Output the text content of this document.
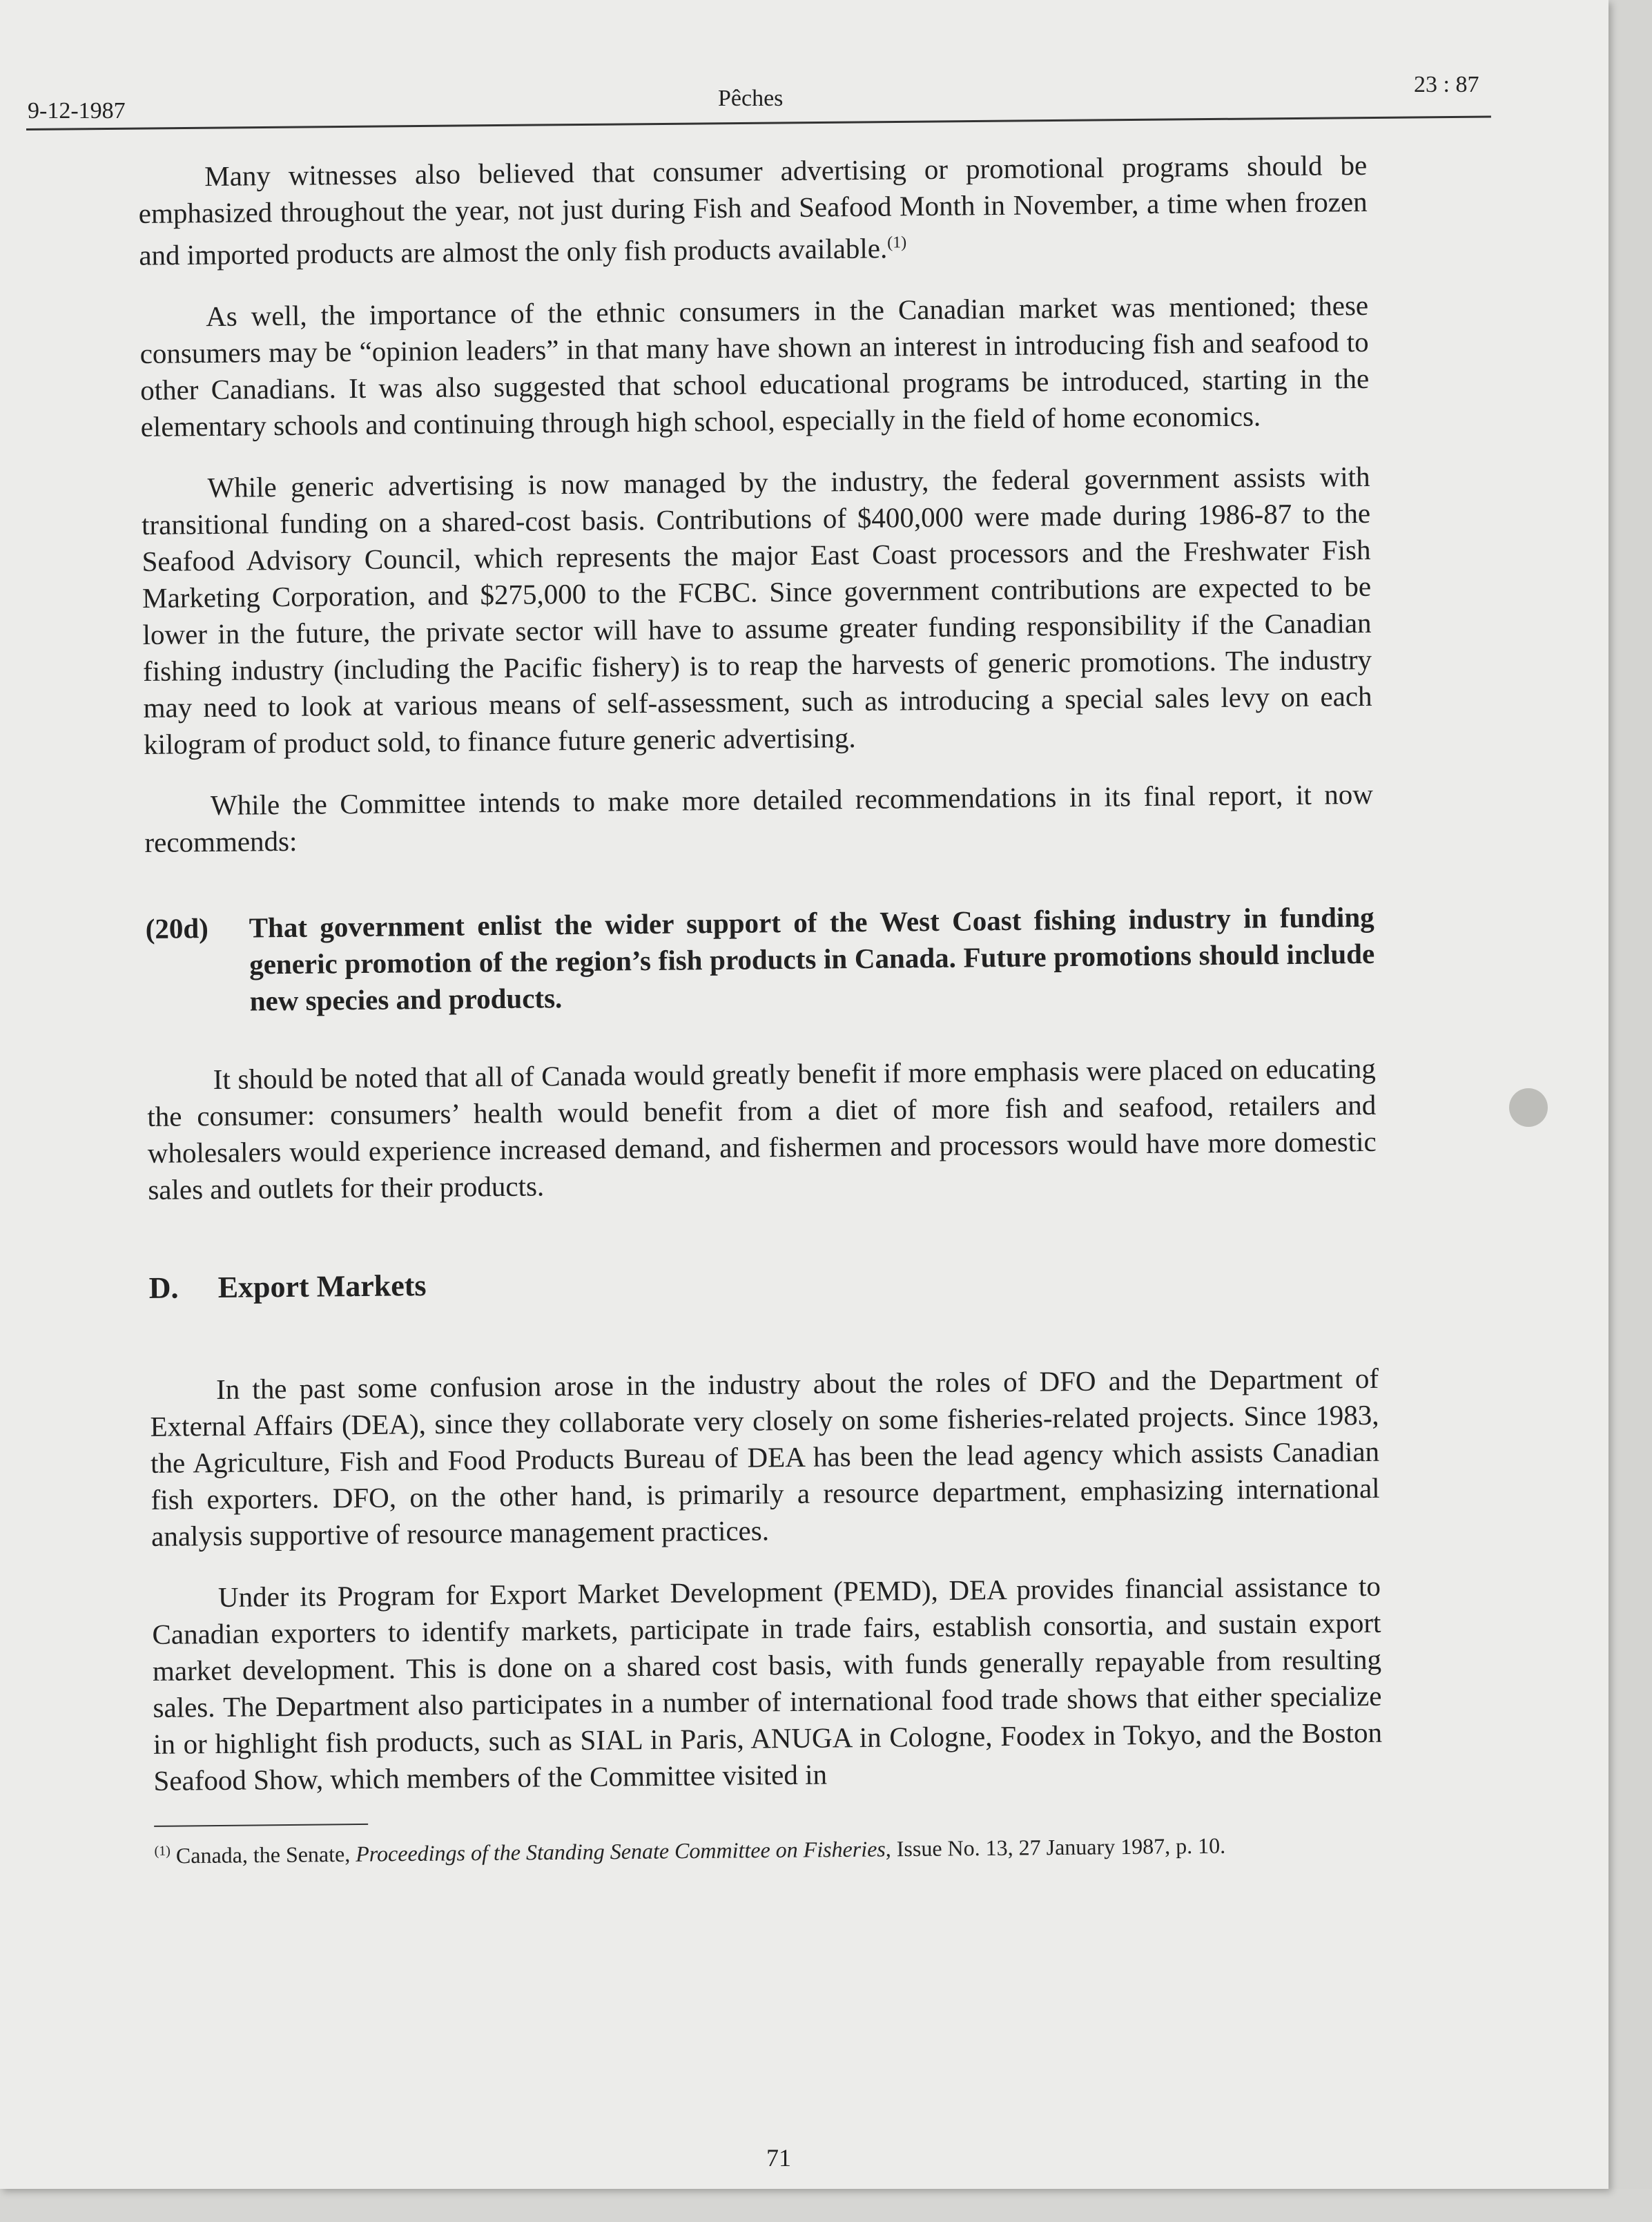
9-12-1987	Pêches
23 : 87

Many witnesses also believed that consumer advertising or promotional programs should be emphasized throughout the year, not just during Fish and Seafood Month in November, a time when frozen and imported products are almost the only fish products available.$^{(1)}$

As well, the importance of the ethnic consumers in the Canadian market was mentioned; these consumers may be “opinion leaders” in that many have shown an interest in introducing fish and seafood to other Canadians. It was also suggested that school educational programs be introduced, starting in the elementary schools and continuing through high school, especially in the field of home economics.

While generic advertising is now managed by the industry, the federal government assists with transitional funding on a shared-cost basis. Contributions of $400,000 were made during 1986-87 to the Seafood Advisory Council, which represents the major East Coast processors and the Freshwater Fish Marketing Corporation, and $275,000 to the FCBC. Since government contributions are expected to be lower in the future, the private sector will have to assume greater funding responsibility if the Canadian fishing industry (including the Pacific fishery) is to reap the harvests of generic promotions. The industry may need to look at various means of self-assessment, such as introducing a special sales levy on each kilogram of product sold, to finance future generic advertising.

While the Committee intends to make more detailed recommendations in its final report, it now recommends:

(20d) That government enlist the wider support of the West Coast fishing industry in funding generic promotion of the region’s fish products in Canada. Future promotions should include new species and products.

It should be noted that all of Canada would greatly benefit if more emphasis were placed on educating the consumer: consumers’ health would benefit from a diet of more fish and seafood, retailers and wholesalers would experience increased demand, and fishermen and processors would have more domestic sales and outlets for their products.

D. Export Markets

In the past some confusion arose in the industry about the roles of DFO and the Department of External Affairs (DEA), since they collaborate very closely on some fisheries-related projects. Since 1983, the Agriculture, Fish and Food Products Bureau of DEA has been the lead agency which assists Canadian fish exporters. DFO, on the other hand, is primarily a resource department, emphasizing international analysis supportive of resource management practices.

Under its Program for Export Market Development (PEMD), DEA provides financial assistance to Canadian exporters to identify markets, participate in trade fairs, establish consortia, and sustain export market development. This is done on a shared cost basis, with funds generally repayable from resulting sales. The Department also participates in a number of international food trade shows that either specialize in or highlight fish products, such as SIAL in Paris, ANUGA in Cologne, Foodex in Tokyo, and the Boston Seafood Show, which members of the Committee visited in

$^{(1)}$ Canada, the Senate, Proceedings of the Standing Senate Committee on Fisheries, Issue No. 13, 27 January 1987, p. 10.
71
